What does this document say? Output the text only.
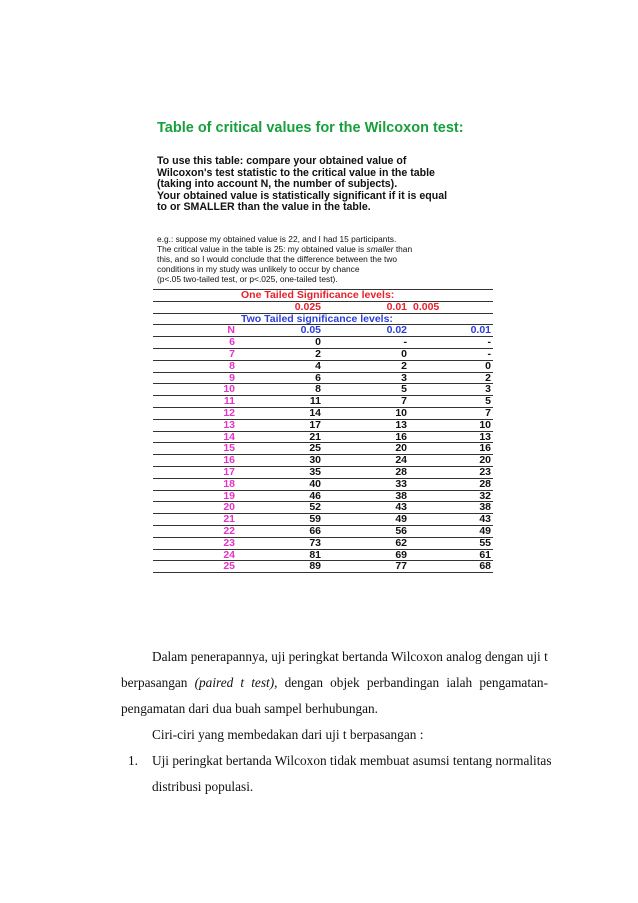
Table of critical values for the Wilcoxon test:
To use this table: compare your obtained value of
Wilcoxon's test statistic to the critical value in the table
(taking into account N, the number of subjects).
Your obtained value is statistically significant if it is equal
to or SMALLER than the value in the table.
e.g.: suppose my obtained value is 22, and I had 15 participants.
The critical value in the table is 25: my obtained value is smaller than
this, and so I would conclude that the difference between the two
conditions in my study was unlikely to occur by chance
(p<.05 two-tailed test, or p<.025, one-tailed test).
	One Tailed Significance levels:		
	0.025	0.01	0.005
	Two Tailed significance levels:		
N	0.05	0.02	0.01
6	0	-	-
7	2	0	-
8	4	2	0
9	6	3	2
10	8	5	3
11	11	7	5
12	14	10	7
13	17	13	10
14	21	16	13
15	25	20	16
16	30	24	20
17	35	28	23
18	40	33	28
19	46	38	32
20	52	43	38
21	59	49	43
22	66	56	49
23	73	62	55
24	81	69	61
25	89	77	68
Dalam penerapannya, uji peringkat bertanda Wilcoxon analog dengan uji t
berpasangan (paired t test), dengan objek perbandingan ialah pengamatan-
pengamatan dari dua buah sampel berhubungan.
Ciri-ciri yang membedakan dari uji t berpasangan :
1.	Uji peringkat bertanda Wilcoxon tidak membuat asumsi tentang normalitas
distribusi populasi.
